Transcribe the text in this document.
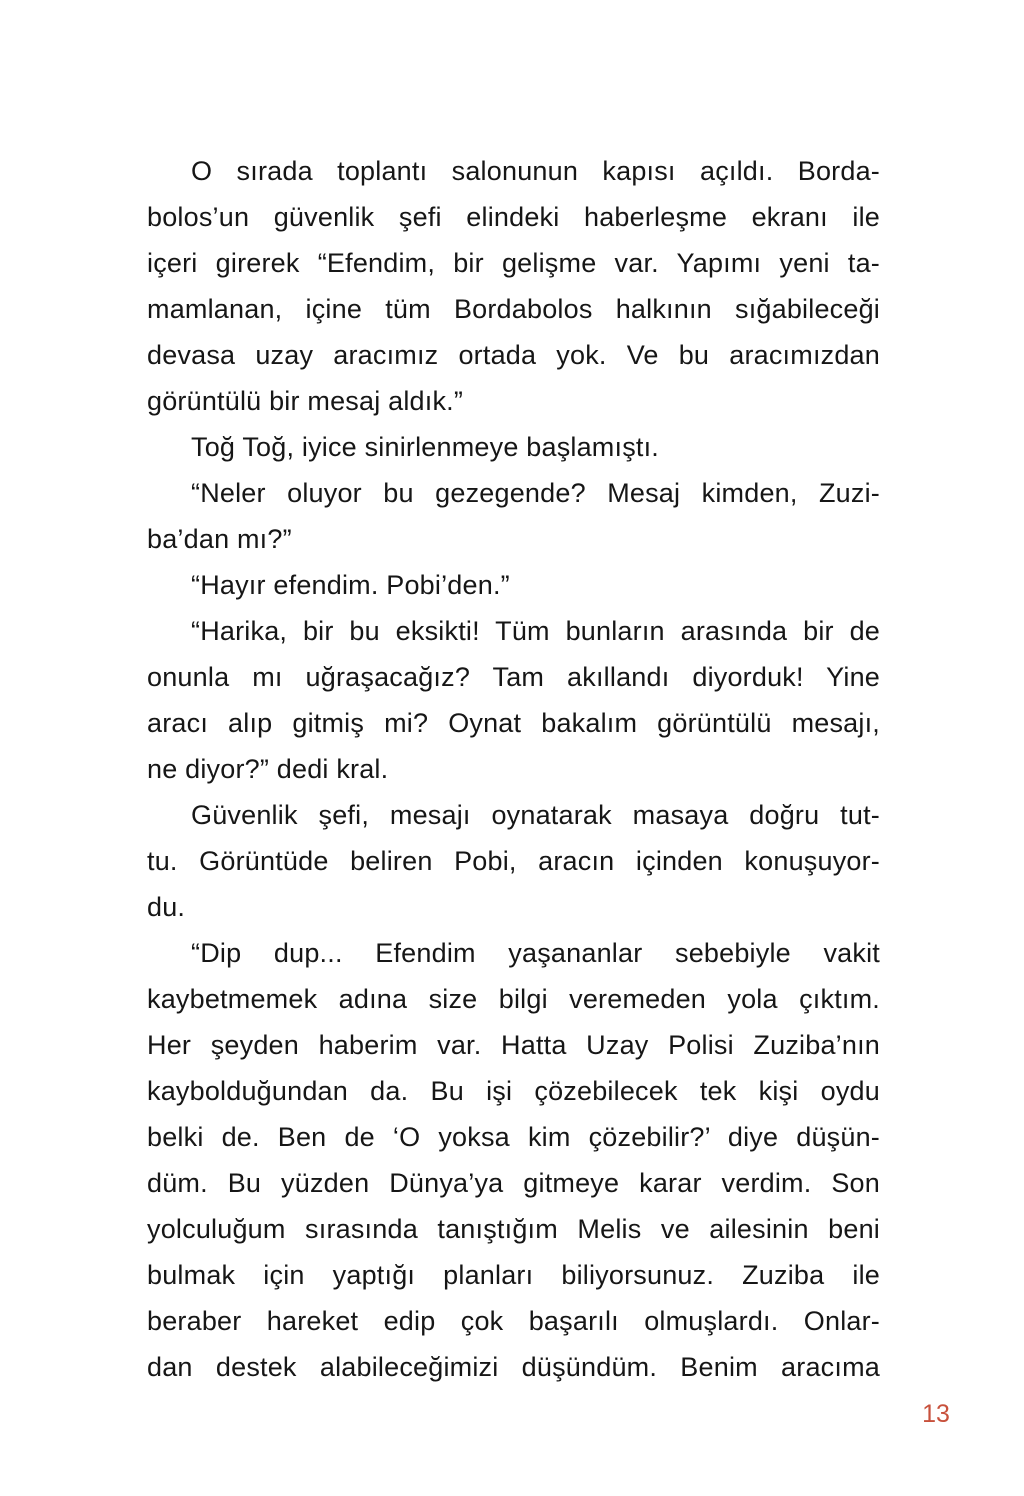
O sırada toplantı salonunun kapısı açıldı. Borda-
bolos’un güvenlik şefi elindeki haberleşme ekranı ile
içeri girerek “Efendim, bir gelişme var. Yapımı yeni ta-
mamlanan, içine tüm Bordabolos halkının sığabileceği
devasa uzay aracımız ortada yok. Ve bu aracımızdan
görüntülü bir mesaj aldık.”
Toğ Toğ, iyice sinirlenmeye başlamıştı.
“Neler oluyor bu gezegende? Mesaj kimden, Zuzi-
ba’dan mı?”
“Hayır efendim. Pobi’den.”
“Harika, bir bu eksikti! Tüm bunların arasında bir de
onunla mı uğraşacağız? Tam akıllandı diyorduk! Yine
aracı alıp gitmiş mi? Oynat bakalım görüntülü mesajı,
ne diyor?” dedi kral.
Güvenlik şefi, mesajı oynatarak masaya doğru tut-
tu. Görüntüde beliren Pobi, aracın içinden konuşuyor-
du.
“Dip dup... Efendim yaşananlar sebebiyle vakit
kaybetmemek adına size bilgi veremeden yola çıktım.
Her şeyden haberim var. Hatta Uzay Polisi Zuziba’nın
kaybolduğundan da. Bu işi çözebilecek tek kişi oydu
belki de. Ben de ‘O yoksa kim çözebilir?’ diye düşün-
düm. Bu yüzden Dünya’ya gitmeye karar verdim. Son
yolculuğum sırasında tanıştığım Melis ve ailesinin beni
bulmak için yaptığı planları biliyorsunuz. Zuziba ile
beraber hareket edip çok başarılı olmuşlardı. Onlar-
dan destek alabileceğimizi düşündüm. Benim aracıma
13
